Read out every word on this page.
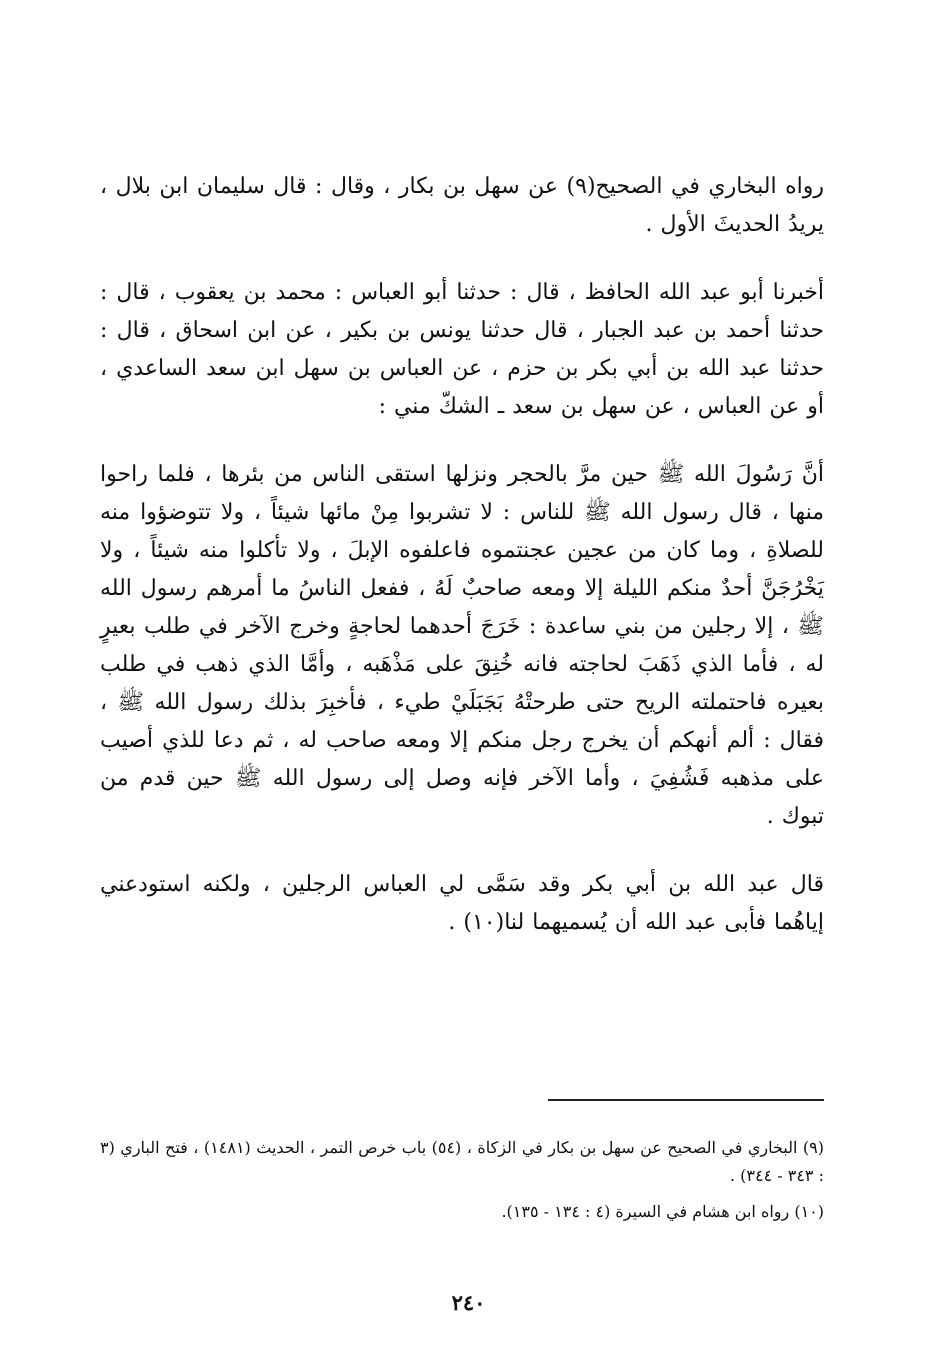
رواه البخاري في الصحيح(٩) عن سهل بن بكار ، وقال : قال سليمان ابن بلال ، يريدُ الحديثَ الأول .

أخبرنا أبو عبد الله الحافظ ، قال : حدثنا أبو العباس : محمد بن يعقوب ، قال : حدثنا أحمد بن عبد الجبار ، قال حدثنا يونس بن بكير ، عن ابن اسحاق ، قال : حدثنا عبد الله بن أبي بكر بن حزم ، عن العباس بن سهل ابن سعد الساعدي ، أو عن العباس ، عن سهل بن سعد ـ الشكّ مني :

أنَّ رَسُولَ الله ﷺ حين مرَّ بالحجر ونزلها استقى الناس من بئرها ، فلما راحوا منها ، قال رسول الله ﷺ للناس : لا تشربوا مِنْ مائها شيئاً ، ولا تتوضؤوا منه للصلاةِ ، وما كان من عجين عجنتموه فاعلفوه الإبلَ ، ولا تأكلوا منه شيئاً ، ولا يَخْرُجَنَّ أحدٌ منكم الليلة إلا ومعه صاحبٌ لَهُ ، ففعل الناسُ ما أمرهم رسول الله ﷺ ، إلا رجلين من بني ساعدة : خَرَجَ أحدهما لحاجةٍ وخرج الآخر في طلب بعيرٍ له ، فأما الذي ذَهَبَ لحاجته فانه خُنِقَ على مَذْهَبه ، وأمَّا الذي ذهب في طلب بعيره فاحتملته الريح حتى طرحتْهُ بَجَبَلَيْ طيء ، فأخبِرَ بذلك رسول الله ﷺ ، فقال : ألم أنهكم أن يخرج رجل منكم إلا ومعه صاحب له ، ثم دعا للذي أصيب على مذهبه فَشُفِيَ ، وأما الآخر فإنه وصل إلى رسول الله ﷺ حين قدم من تبوك .

قال عبد الله بن أبي بكر وقد سَمَّى لي العباس الرجلين ، ولكنه استودعني إياهُما فأبى عبد الله أن يُسميهما لنا(١٠) .

(٩) البخاري في الصحيح عن سهل بن بكار في الزكاة ، (٥٤) باب خرص التمر ، الحديث (١٤٨١) ، فتح الباري (٣ : ٣٤٣ - ٣٤٤) .

(١٠) رواه ابن هشام في السيرة (٤ : ١٣٤ - ١٣٥).

٢٤٠
